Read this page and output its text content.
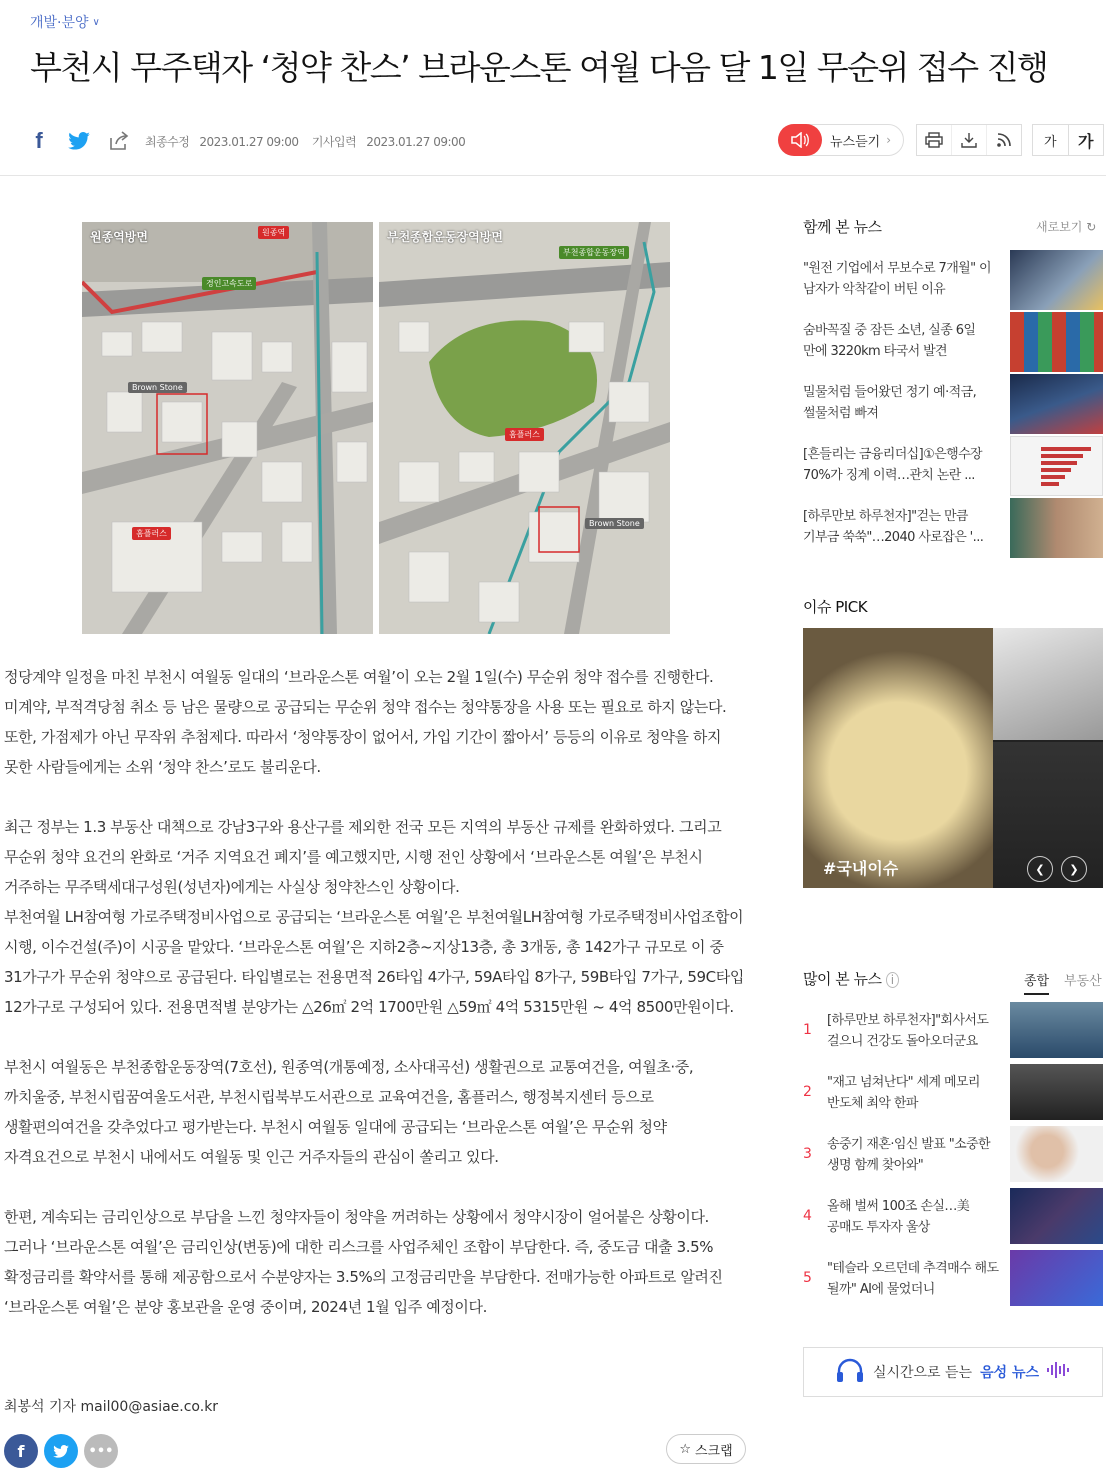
개발·분양 ∨
부천시 무주택자 ‘청약 찬스’ 브라운스톤 여월 다음 달 1일 무순위 접수 진행
f	최종수정 2023.01.27 09:00 기사입력 2023.01.27 09:00	뉴스듣기 ›	가	가
원종역방면	원종역
경인고속도로
홈플러스
Brown Stone
부천종합운동장역방면
부천종합운동장역
홈플러스
Brown Stone

정당계약 일정을 마친 부천시 여월동 일대의 ‘브라운스톤 여월’이 오는 2월 1일(수) 무순위 청약 접수를 진행한다. 미계약, 부적격당첨 취소 등 남은 물량으로 공급되는 무순위 청약 접수는 청약통장을 사용 또는 필요로 하지 않는다. 또한, 가점제가 아닌 무작위 추첨제다. 따라서 ‘청약통장이 없어서, 가입 기간이 짧아서’ 등등의 이유로 청약을 하지 못한 사람들에게는 소위 ‘청약 찬스’로도 불리운다.

최근 정부는 1.3 부동산 대책으로 강남3구와 용산구를 제외한 전국 모든 지역의 부동산 규제를 완화하였다. 그리고 무순위 청약 요건의 완화로 ‘거주 지역요건 폐지’를 예고했지만, 시행 전인 상황에서 ‘브라운스톤 여월’은 부천시 거주하는 무주택세대구성원(성년자)에게는 사실상 청약찬스인 상황이다.

부천여월 LH참여형 가로주택정비사업으로 공급되는 ‘브라운스톤 여월’은 부천여월LH참여형 가로주택정비사업조합이 시행, 이수건설(주)이 시공을 맡았다. ‘브라운스톤 여월’은 지하2층~지상13층, 총 3개동, 총 142가구 규모로 이 중 31가구가 무순위 청약으로 공급된다. 타입별로는 전용면적 26타입 4가구, 59A타입 8가구, 59B타입 7가구, 59C타입 12가구로 구성되어 있다. 전용면적별 분양가는 △26㎡ 2억 1700만원 △59㎡ 4억 5315만원 ~ 4억 8500만원이다.

부천시 여월동은 부천종합운동장역(7호선), 원종역(개통예정, 소사대곡선) 생활권으로 교통여건을, 여월초·중, 까치울중, 부천시립꿈여울도서관, 부천시립북부도서관으로 교육여건을, 홈플러스, 행정복지센터 등으로 생활편의여건을 갖추었다고 평가받는다. 부천시 여월동 일대에 공급되는 ‘브라운스톤 여월’은 무순위 청약 자격요건으로 부천시 내에서도 여월동 및 인근 거주자들의 관심이 쏠리고 있다.

한편, 계속되는 금리인상으로 부담을 느낀 청약자들이 청약을 꺼려하는 상황에서 청약시장이 얼어붙은 상황이다. 그러나 ‘브라운스톤 여월’은 금리인상(변동)에 대한 리스크를 사업주체인 조합이 부담한다. 즉, 중도금 대출 3.5% 확정금리를 확약서를 통해 제공함으로서 수분양자는 3.5%의 고정금리만을 부담한다. 전매가능한 아파트로 알려진 ‘브라운스톤 여월’은 분양 홍보관을 운영 중이며, 2024년 1월 입주 예정이다.

최봉석 기자 mail00@asiae.co.kr
f	•••	☆ 스크랩
함께 본 뉴스	새로보기 ↻
"원전 기업에서 무보수로 7개월" 이 남자가 악착같이 버틴 이유
숨바꼭질 중 잠든 소년, 실종 6일 만에 3220km 타국서 발견
밀물처럼 들어왔던 정기 예·적금, 썰물처럼 빠져
[흔들리는 금융리더십]①은행수장 70%가 징계 이력…관치 논란 ...
[하루만보 하루천자]"걷는 만큼 기부금 쑥쑥"…2040 사로잡은 '...
이슈 PICK
#국내이슈	❮	❯
많이 본 뉴스 i	종합 부동산
1
[하루만보 하루천자]"회사서도 걸으니 건강도 돌아오더군요
2
"재고 넘쳐난다" 세계 메모리 반도체 최악 한파
3
송중기 재혼·임신 발표 "소중한 생명 함께 찾아와"
4
올해 벌써 100조 손실…美 공매도 투자자 울상
5
"테슬라 오르던데 추격매수 해도 될까" AI에 물었더니
실시간으로 듣는 음성 뉴스
